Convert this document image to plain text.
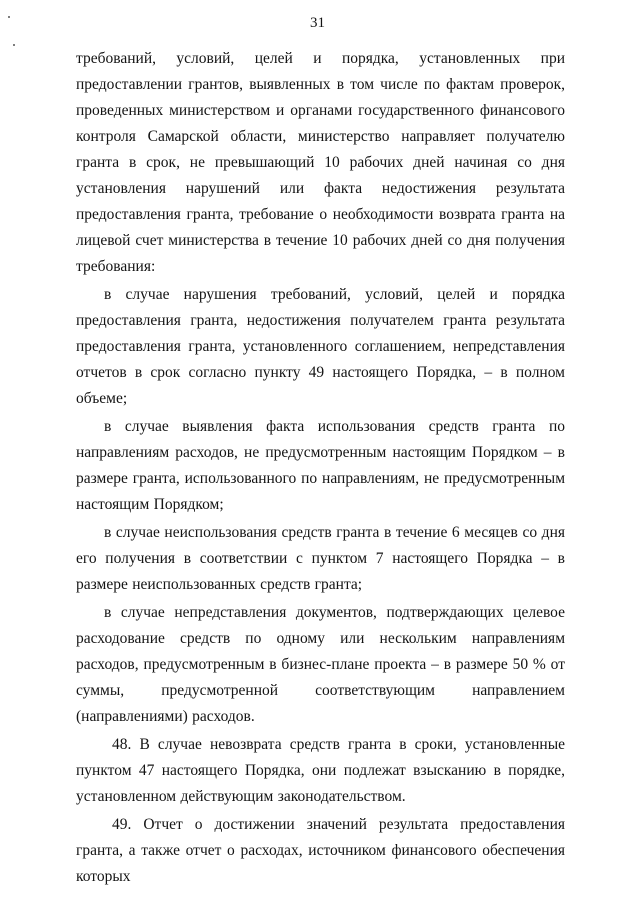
31

требований, условий, целей и порядка, установленных при предоставлении грантов, выявленных в том числе по фактам проверок, проведенных министерством и органами государственного финансового контроля Самарской области, министерство направляет получателю гранта в срок, не превышающий 10 рабочих дней начиная со дня установления нарушений или факта недостижения результата предоставления гранта, требование о необходимости возврата гранта на лицевой счет министерства в течение 10 рабочих дней со дня получения требования:

в случае нарушения требований, условий, целей и порядка предоставления гранта, недостижения получателем гранта результата предоставления гранта, установленного соглашением, непредставления отчетов в срок согласно пункту 49 настоящего Порядка, – в полном объеме;

в случае выявления факта использования средств гранта по направлениям расходов, не предусмотренным настоящим Порядком – в размере гранта, использованного по направлениям, не предусмотренным настоящим Порядком;

в случае неиспользования средств гранта в течение 6 месяцев со дня его получения в соответствии с пунктом 7 настоящего Порядка – в размере неиспользованных средств гранта;

в случае непредставления документов, подтверждающих целевое расходование средств по одному или нескольким направлениям расходов, предусмотренным в бизнес-плане проекта – в размере 50 % от суммы, предусмотренной соответствующим направлением (направлениями) расходов.

48. В случае невозврата средств гранта в сроки, установленные пунктом 47 настоящего Порядка, они подлежат взысканию в порядке, установленном действующим законодательством.

49. Отчет о достижении значений результата предоставления гранта, а также отчет о расходах, источником финансового обеспечения которых
